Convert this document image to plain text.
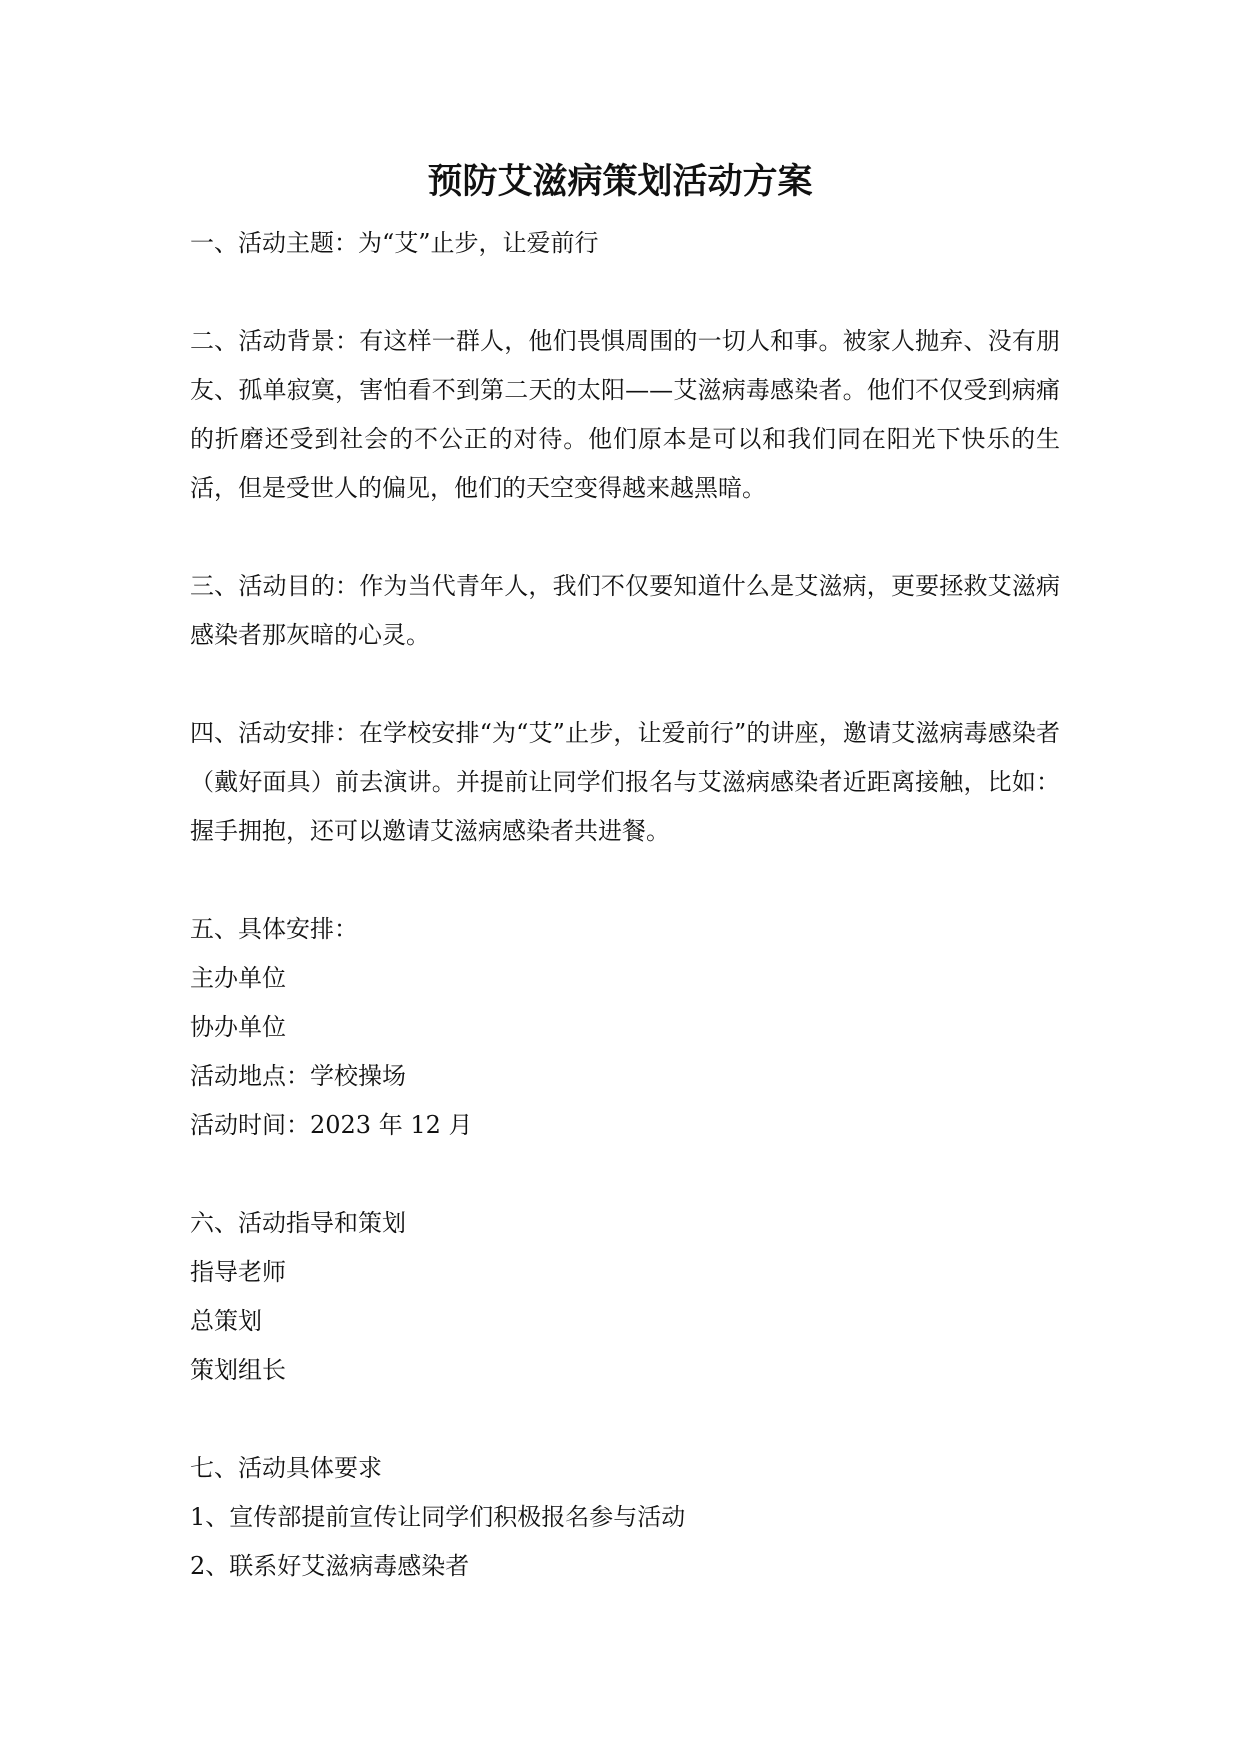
预防艾滋病策划活动方案

一、活动主题：为“艾”止步，让爱前行

二、活动背景：有这样一群人，他们畏惧周围的一切人和事。被家人抛弃、没有朋友、孤单寂寞，害怕看不到第二天的太阳——艾滋病毒感染者。他们不仅受到病痛的折磨还受到社会的不公正的对待。他们原本是可以和我们同在阳光下快乐的生活，但是受世人的偏见，他们的天空变得越来越黑暗。

三、活动目的：作为当代青年人，我们不仅要知道什么是艾滋病，更要拯救艾滋病感染者那灰暗的心灵。

四、活动安排：在学校安排“为“艾”止步，让爱前行”的讲座，邀请艾滋病毒感染者（戴好面具）前去演讲。并提前让同学们报名与艾滋病感染者近距离接触，比如：握手拥抱，还可以邀请艾滋病感染者共进餐。

五、具体安排：

主办单位

协办单位

活动地点：学校操场

活动时间：2023 年 12 月

六、活动指导和策划

指导老师

总策划

策划组长

七、活动具体要求

1、宣传部提前宣传让同学们积极报名参与活动

2、联系好艾滋病毒感染者
